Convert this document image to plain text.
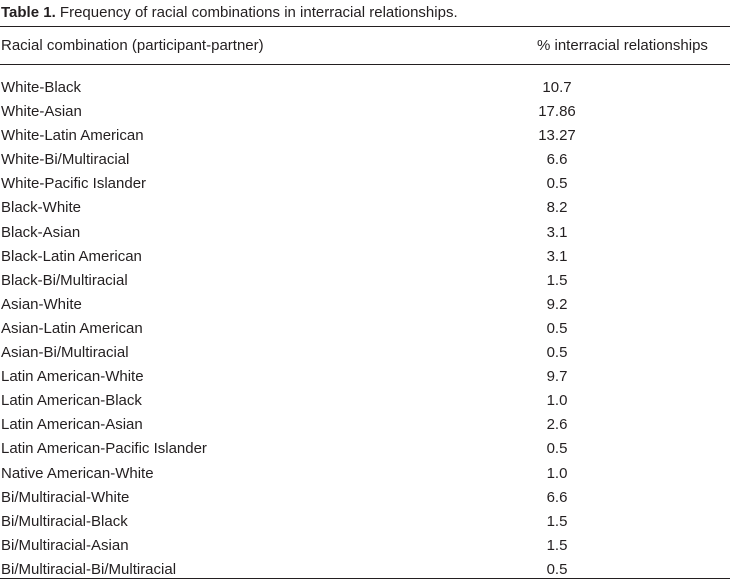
Table 1. Frequency of racial combinations in interracial relationships.
Racial combination (participant-partner)	% interracial relationships
White-Black	10.7
White-Asian	17.86
White-Latin American	13.27
White-Bi/Multiracial	6.6
White-Pacific Islander	0.5
Black-White	8.2
Black-Asian	3.1
Black-Latin American	3.1
Black-Bi/Multiracial	1.5
Asian-White	9.2
Asian-Latin American	0.5
Asian-Bi/Multiracial	0.5
Latin American-White	9.7
Latin American-Black	1.0
Latin American-Asian	2.6
Latin American-Pacific Islander	0.5
Native American-White	1.0
Bi/Multiracial-White	6.6
Bi/Multiracial-Black	1.5
Bi/Multiracial-Asian	1.5
Bi/Multiracial-Bi/Multiracial	0.5
